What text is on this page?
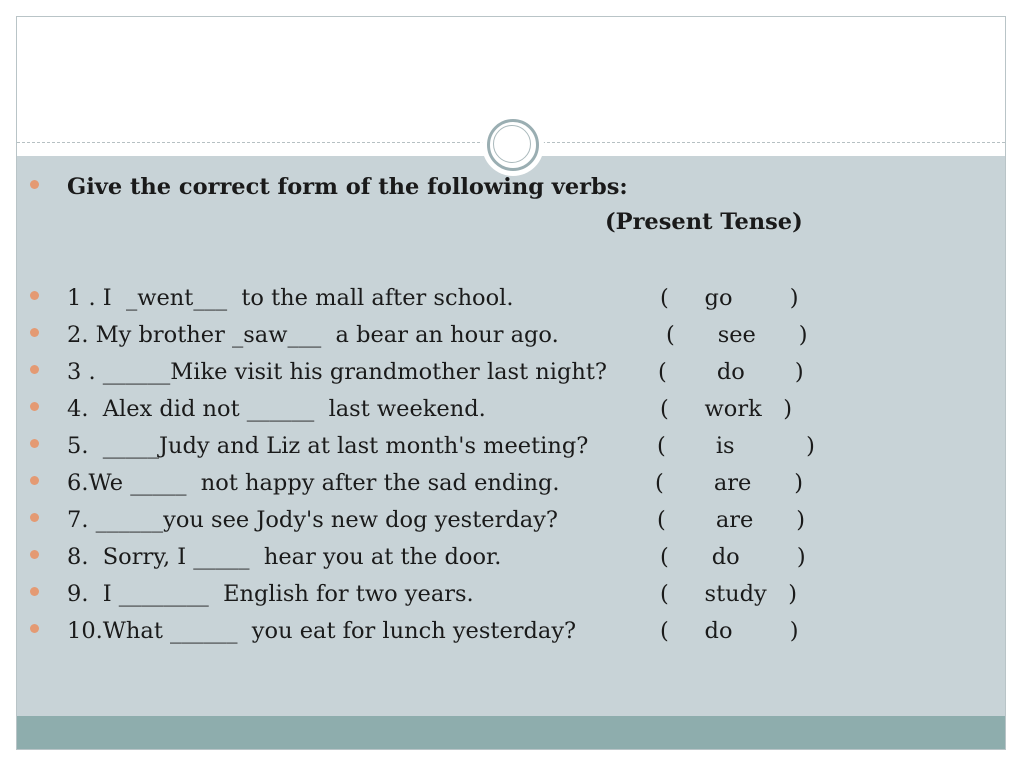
Give the correct form of the following verbs:
(Present Tense)
1 . I  _went___  to the mall after school.	(     go        )
2. My brother _saw___  a bear an hour ago.	(      see      )
3 . ______Mike visit his grandmother last night? (       do       )
4.  Alex did not ______  last weekend.	(     work   )
5.  _____Judy and Liz at last month's meeting?	(       is          )
6.We _____  not happy after the sad ending.	(       are      )
7. ______you see Jody's new dog yesterday?	(       are      )
8.  Sorry, I _____  hear you at the door.	(      do        )
9.  I ________  English for two years.	(     study   )
10.What ______  you eat for lunch yesterday?	(     do        )
